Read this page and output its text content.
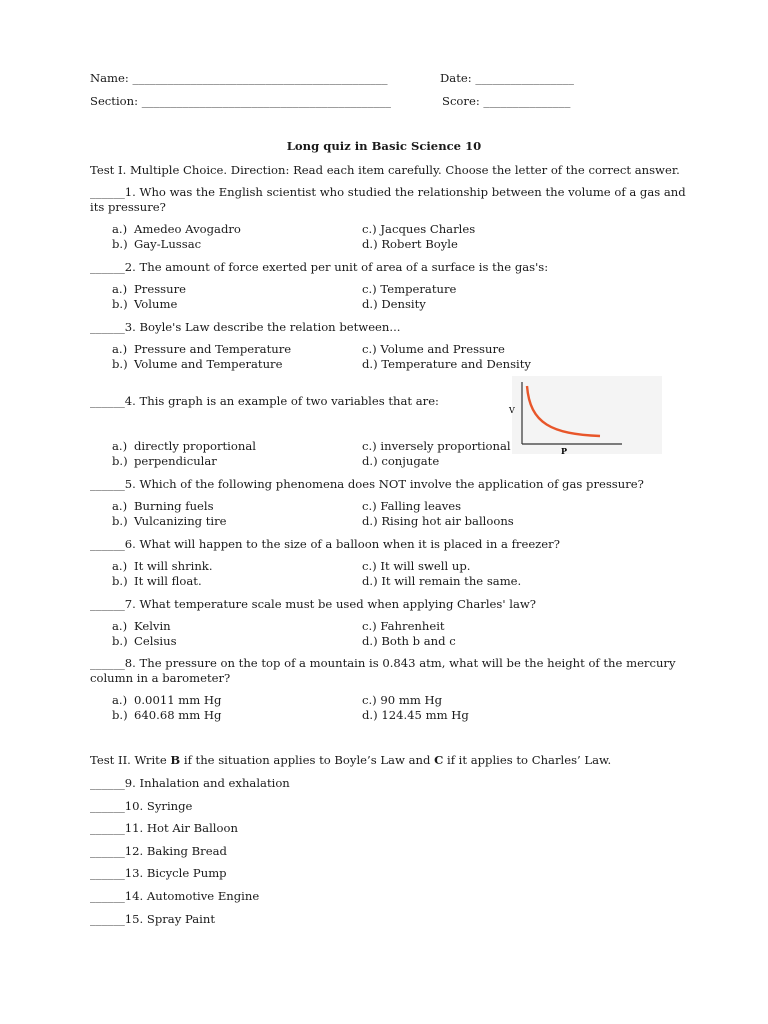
Name: ____________________________________________	Date: _________________
Section: ___________________________________________	Score: _______________
Long quiz in Basic Science 10
Test I. Multiple Choice. Direction: Read each item carefully. Choose the letter of the correct answer.
______1. Who was the English scientist who studied the relationship between the volume of a gas and its pressure?
a.) Amedeo Avogadro
b.) Gay-Lussac
c.) Jacques Charles
d.) Robert Boyle
______2. The amount of force exerted per unit of area of a surface is the gas's:
a.) Pressure
b.) Volume
c.) Temperature
d.) Density
______3. Boyle's Law describe the relation between...
a.) Pressure and Temperature
b.) Volume and Temperature
c.) Volume and Pressure
d.) Temperature and Density
______4. This graph is an example of two variables that are:
V
P
a.) directly proportional
b.) perpendicular
c.) inversely proportional
d.) conjugate
______5. Which of the following phenomena does NOT involve the application of gas pressure?
a.) Burning fuels
b.) Vulcanizing tire
c.) Falling leaves
d.) Rising hot air balloons
______6. What will happen to the size of a balloon when it is placed in a freezer?
a.) It will shrink.
b.) It will float.
c.) It will swell up.
d.) It will remain the same.
______7. What temperature scale must be used when applying Charles' law?
a.) Kelvin
b.) Celsius
c.) Fahrenheit
d.) Both b and c
______8. The pressure on the top of a mountain is 0.843 atm, what will be the height of the mercury column in a barometer?
a.) 0.0011 mm Hg
b.) 640.68 mm Hg
c.) 90 mm Hg
d.) 124.45 mm Hg
Test II. Write B if the situation applies to Boyle’s Law and C if it applies to Charles’ Law.
______9. Inhalation and exhalation
______10. Syringe
______11. Hot Air Balloon
______12. Baking Bread
______13. Bicycle Pump
______14. Automotive Engine
______15. Spray Paint
